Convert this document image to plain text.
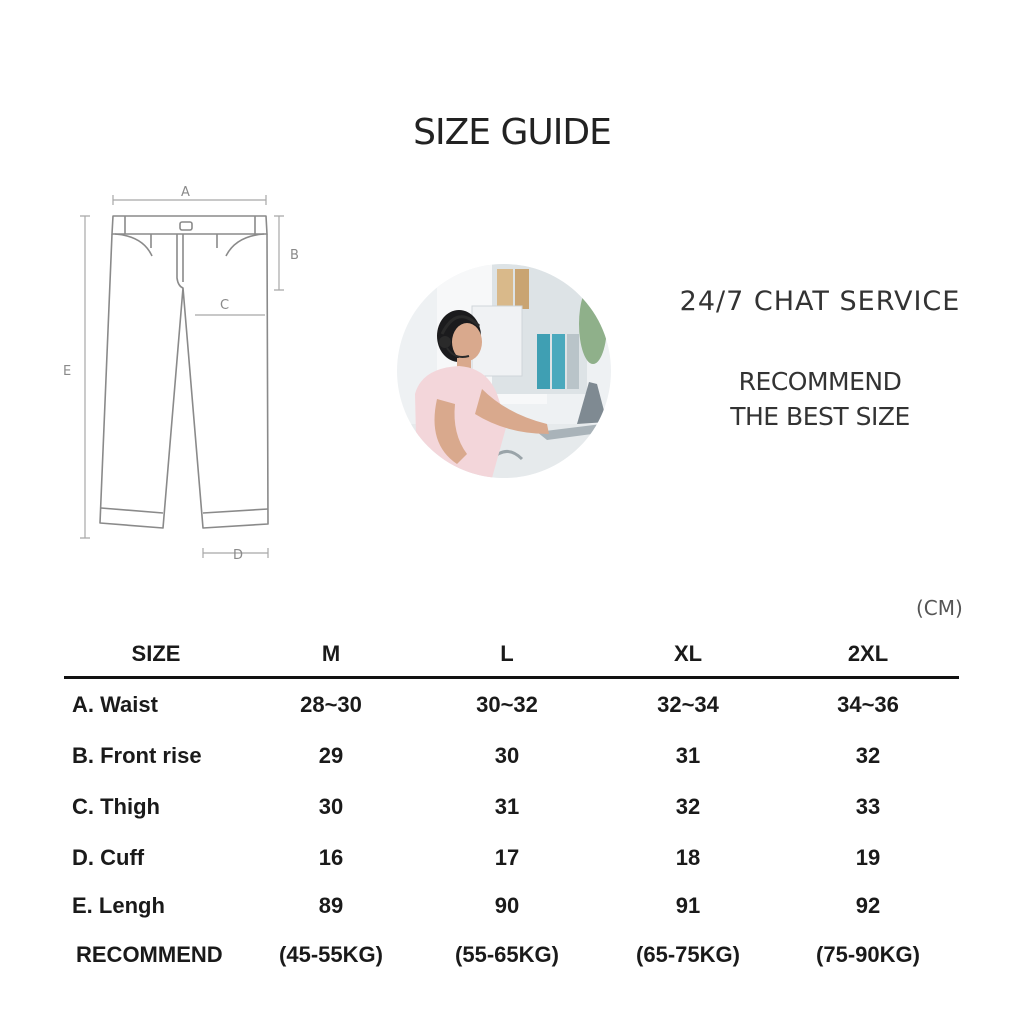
SIZE GUIDE
A
B
C
D
E
24/7 CHAT SERVICE
RECOMMEND
THE BEST SIZE
(CM)
SIZE	M	L	XL	2XL
A. Waist	28~30	30~32	32~34	34~36
B. Front rise	29	30	31	32
C. Thigh	30	31	32	33
D. Cuff	16	17	18	19
E. Lengh	89	90	91	92
RECOMMEND	(45-55KG)	(55-65KG)	(65-75KG)	(75-90KG)
